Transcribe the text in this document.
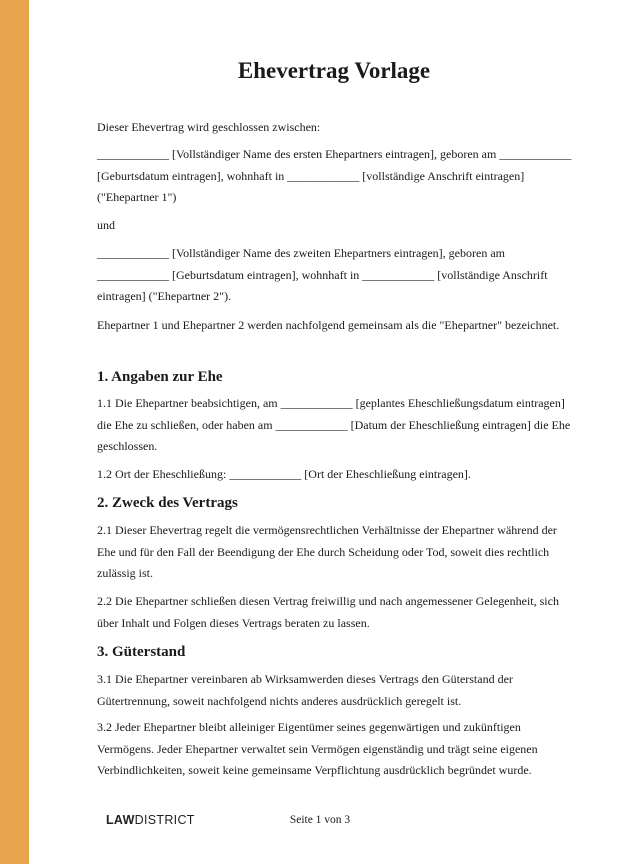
Ehevertrag Vorlage
Dieser Ehevertrag wird geschlossen zwischen:
____________ [Vollständiger Name des ersten Ehepartners eintragen], geboren am ____________ [Geburtsdatum eintragen], wohnhaft in ____________ [vollständige Anschrift eintragen] ("Ehepartner 1")
und
____________ [Vollständiger Name des zweiten Ehepartners eintragen], geboren am ____________ [Geburtsdatum eintragen], wohnhaft in ____________ [vollständige Anschrift eintragen] ("Ehepartner 2").
Ehepartner 1 und Ehepartner 2 werden nachfolgend gemeinsam als die "Ehepartner" bezeichnet.
1. Angaben zur Ehe
1.1 Die Ehepartner beabsichtigen, am ____________ [geplantes Eheschließungsdatum eintragen] die Ehe zu schließen, oder haben am ____________ [Datum der Eheschließung eintragen] die Ehe geschlossen.
1.2 Ort der Eheschließung: ____________ [Ort der Eheschließung eintragen].
2. Zweck des Vertrags
2.1 Dieser Ehevertrag regelt die vermögensrechtlichen Verhältnisse der Ehepartner während der Ehe und für den Fall der Beendigung der Ehe durch Scheidung oder Tod, soweit dies rechtlich zulässig ist.
2.2 Die Ehepartner schließen diesen Vertrag freiwillig und nach angemessener Gelegenheit, sich über Inhalt und Folgen dieses Vertrags beraten zu lassen.
3. Güterstand
3.1 Die Ehepartner vereinbaren ab Wirksamwerden dieses Vertrags den Güterstand der Gütertrennung, soweit nachfolgend nichts anderes ausdrücklich geregelt ist.
3.2 Jeder Ehepartner bleibt alleiniger Eigentümer seines gegenwärtigen und zukünftigen Vermögens. Jeder Ehepartner verwaltet sein Vermögen eigenständig und trägt seine eigenen Verbindlichkeiten, soweit keine gemeinsame Verpflichtung ausdrücklich begründet wurde.
LAWDISTRICT	Seite 1 von 3
